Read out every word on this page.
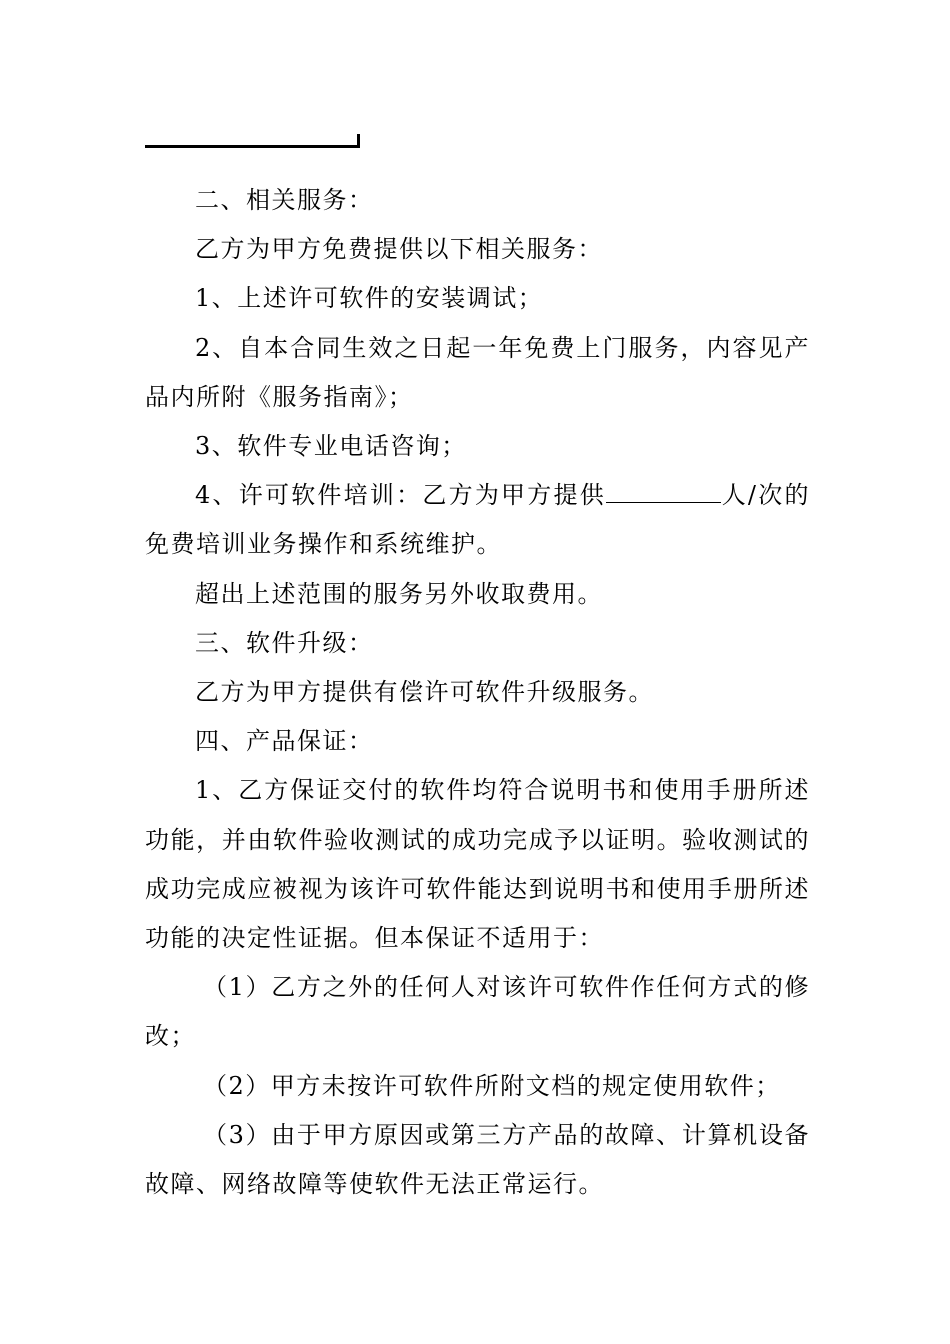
二、相关服务：

乙方为甲方免费提供以下相关服务：

1、上述许可软件的安装调试；

2、自本合同生效之日起一年免费上门服务，内容见产品内所附《服务指南》；

3、软件专业电话咨询；

4、许可软件培训：乙方为甲方提供	人/次的免费培训业务操作和系统维护。

超出上述范围的服务另外收取费用。

三、软件升级：

乙方为甲方提供有偿许可软件升级服务。

四、产品保证：

1、乙方保证交付的软件均符合说明书和使用手册所述功能，并由软件验收测试的成功完成予以证明。验收测试的成功完成应被视为该许可软件能达到说明书和使用手册所述功能的决定性证据。但本保证不适用于：

（1）乙方之外的任何人对该许可软件作任何方式的修改；

（2）甲方未按许可软件所附文档的规定使用软件；

（3）由于甲方原因或第三方产品的故障、计算机设备故障、网络故障等使软件无法正常运行。
